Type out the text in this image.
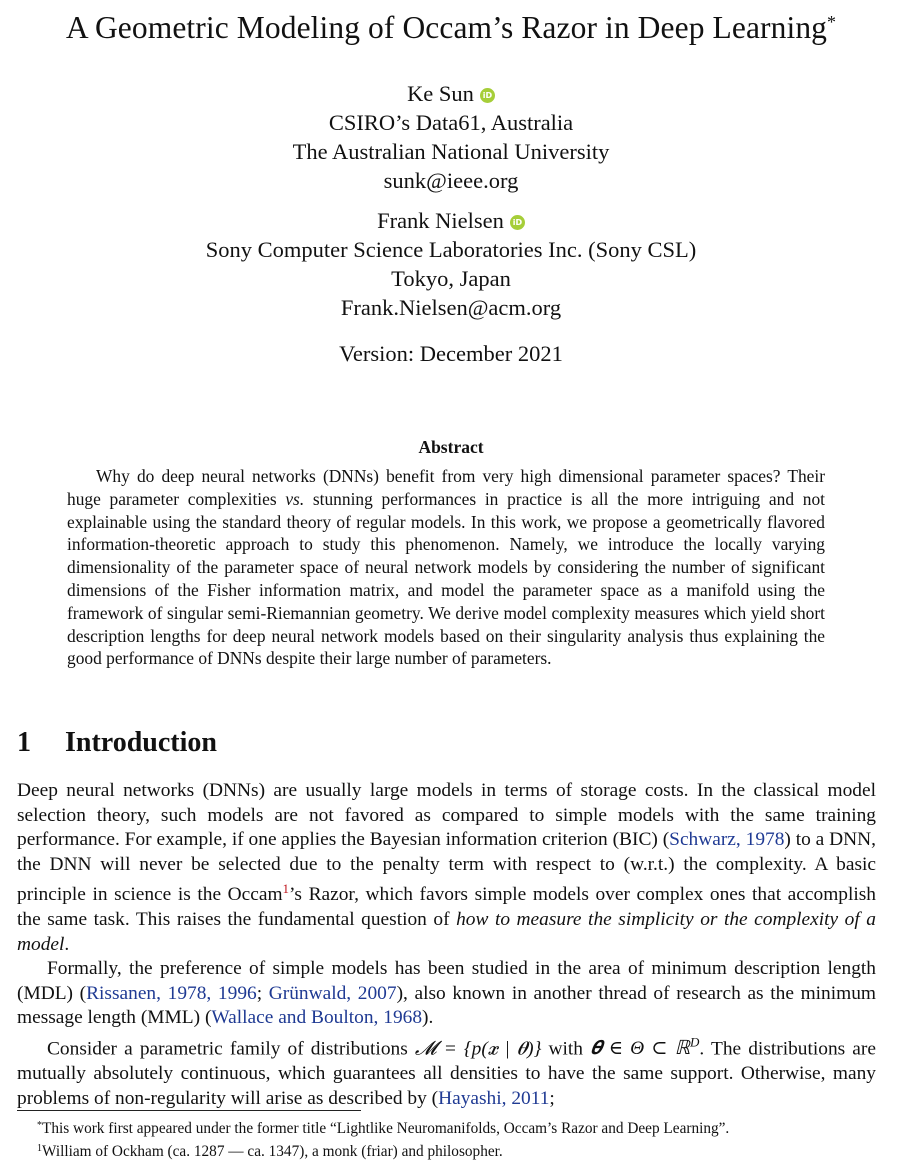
A Geometric Modeling of Occam’s Razor in Deep Learning*
Ke Sun iD
CSIRO’s Data61, Australia
The Australian National University
sunk@ieee.org
Frank Nielsen iD
Sony Computer Science Laboratories Inc. (Sony CSL)
Tokyo, Japan
Frank.Nielsen@acm.org
Version: December 2021
Abstract

Why do deep neural networks (DNNs) benefit from very high dimensional parameter spaces? Their huge parameter complexities vs. stunning performances in practice is all the more intriguing and not explainable using the standard theory of regular models. In this work, we propose a geometrically flavored information-theoretic approach to study this phenomenon. Namely, we introduce the locally varying dimensionality of the parameter space of neural network models by considering the number of significant dimensions of the Fisher information matrix, and model the parameter space as a manifold using the framework of singular semi-Riemannian geometry. We derive model complexity measures which yield short description lengths for deep neural network models based on their singularity analysis thus explaining the good performance of DNNs despite their large number of parameters.

1 Introduction

Deep neural networks (DNNs) are usually large models in terms of storage costs. In the classical model selection theory, such models are not favored as compared to simple models with the same training performance. For example, if one applies the Bayesian information criterion (BIC) (Schwarz, 1978) to a DNN, the DNN will never be selected due to the penalty term with respect to (w.r.t.) the complexity. A basic principle in science is the Occam$^1$’s Razor, which favors simple models over complex ones that accomplish the same task. This raises the fundamental question of how to measure the simplicity or the complexity of a model.

Formally, the preference of simple models has been studied in the area of minimum description length (MDL) (Rissanen, 1978, 1996; Grünwald, 2007), also known in another thread of research as the minimum message length (MML) (Wallace and Boulton, 1968).

Consider a parametric family of distributions 𝓜 = {p(𝒙 | 𝜽)} with 𝜽 ∈ Θ ⊂ ℝ$^D$. The distributions are mutually absolutely continuous, which guarantees all densities to have the same support. Otherwise, many problems of non-regularity will arise as described by (Hayashi, 2011;

*This work first appeared under the former title “Lightlike Neuromanifolds, Occam’s Razor and Deep Learning”.
$^1$William of Ockham (ca. 1287 — ca. 1347), a monk (friar) and philosopher.
